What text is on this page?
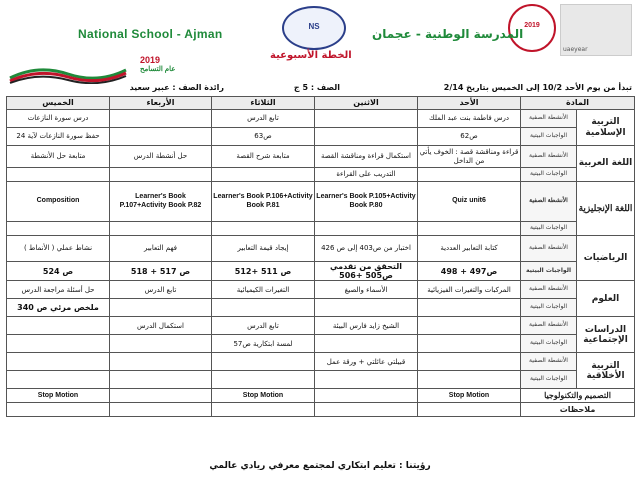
uaeyear
2019
المدرسة الوطنية - عجمان
NS
الخطة الأسبوعية
National School - Ajman
2019
عام التسامح
تبدأ من يوم الأحد 10/2 إلى الخميس بتاريخ 2/14
الصف : 5 ج
رائدة الصف : عبير سعيد
المادة		الأحد	الاثنين	الثلاثاء	الأربعاء	الخميس
التربية الإسلامية	الأنشطة الصفية	درس فاطمة بنت عبد الملك		تابع الدرس		درس سورة النازعات
	الواجبات البيتية	ص62		ص63		حفظ سورة النازعات لآية 24
اللغة العربية	الأنشطة الصفية	قراءة ومناقشة قصة : الخوف يأتي من الداخل	استكمال قراءة ومناقشة القصة	متابعة شرح القصة	حل أنشطة الدرس	متابعة حل الأنشطة
	الواجبات البيتية		التدريب على القراءة			
اللغة الإنجليزية	الأنشطة الصفية	Quiz unit6	Learner's Book P.105+Activity Book P.80	Learner's Book P.106+Activity Book P.81	Learner's Book P.107+Activity Book P.82	Composition
	الواجبات البيتية					
الرياضيات	الأنشطة الصفية	كتابة التعابير العددية	اختبار من ص403 إلى ص 426	إيجاد قيمة التعابير	فهم التعابير	نشاط عملي ( الأنماط )
	الواجبات البيتية	ص497 + 498	التحقق من تقدمي ص505 +506	ص 511 +512	ص 517 + 518	ص 524
العلوم	الأنشطة الصفية	المركبات والتغيرات الفيزيائية	الأسماء والصيغ	التغيرات الكيميائية	تابع الدرس	حل أسئلة مراجعة الدرس
	الواجبات البيتية					ملخص مرئي ص 340
الدراسات الإجتماعية	الأنشطة الصفية		الشيخ زايد فارس البيئة	تابع الدرس	استكمال الدرس	
	الواجبات البيتية			لمسة ابتكارية ص57		
التربية الأخلاقية	الأنشطة الصفية		قبيلتي عائلتي + ورقة عمل			
	الواجبات البيتية					
التصميم والتكنولوجيا		Stop Motion		Stop Motion		Stop Motion
ملاحظات						
رؤيتنا : تعليم ابتكاري لمجتمع معرفي ريادي عالمي
